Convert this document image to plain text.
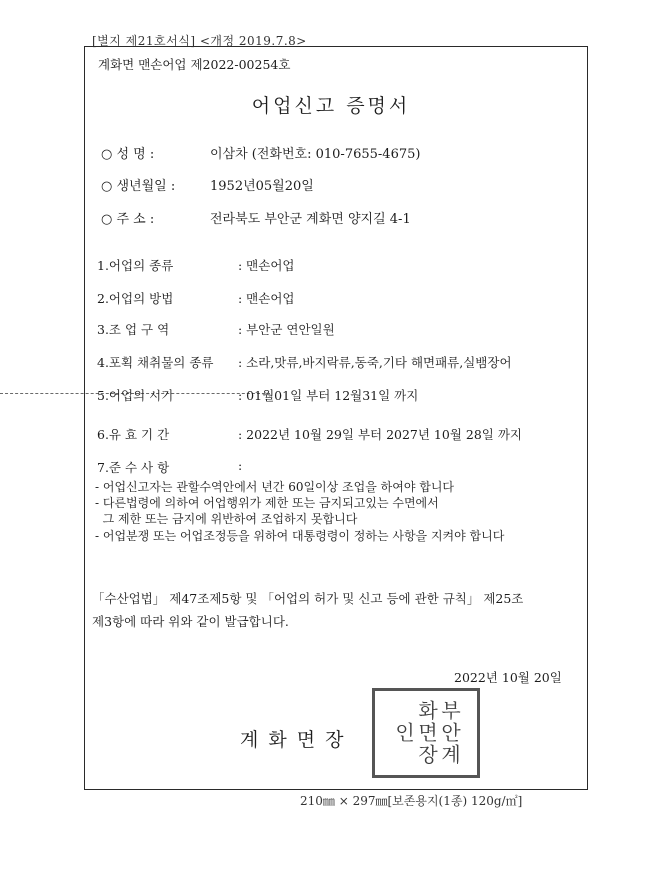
[별지 제21호서식] <개정 2019.7.8>
계화면 맨손어업 제2022-00254호
어업신고 증명서
○ 성 명 :	이삼차 (전화번호: 010-7655-4675)
○ 생년월일 :	1952년05월20일
○ 주 소 :	전라북도 부안군 계화면 양지길 4-1
1.어업의 종류	: 맨손어업
2.어업의 방법	: 맨손어업
3.조 업 구 역	: 부안군 연안일원
4.포획 채취물의 종류 : 소라,맛류,바지락류,동죽,기타 해면패류,실뱀장어
5.어업의 시기	: 01월01일 부터 12월31일 까지
6.유 효 기 간	: 2022년 10월 29일 부터 2027년 10월 28일 까지
7.준 수 사 항	:
- 어업신고자는 관할수역안에서 년간 60일이상 조업을 하여야 합니다
- 다른법령에 의하여 어업행위가 제한 또는 금지되고있는 수면에서
그 제한 또는 금지에 위반하여 조업하지 못합니다
- 어업분쟁 또는 어업조정등을 위하여 대통령령이 정하는 사항을 지켜야 합니다
「수산업법」 제47조제5항 및 「어업의 허가 및 신고 등에 관한 규칙」 제25조
제3항에 따라 위와 같이 발급합니다.
2022년 10월 20일
부안계화면장인
계 화 면 장
210㎜ × 297㎜[보존용지(1종) 120g/㎡]
